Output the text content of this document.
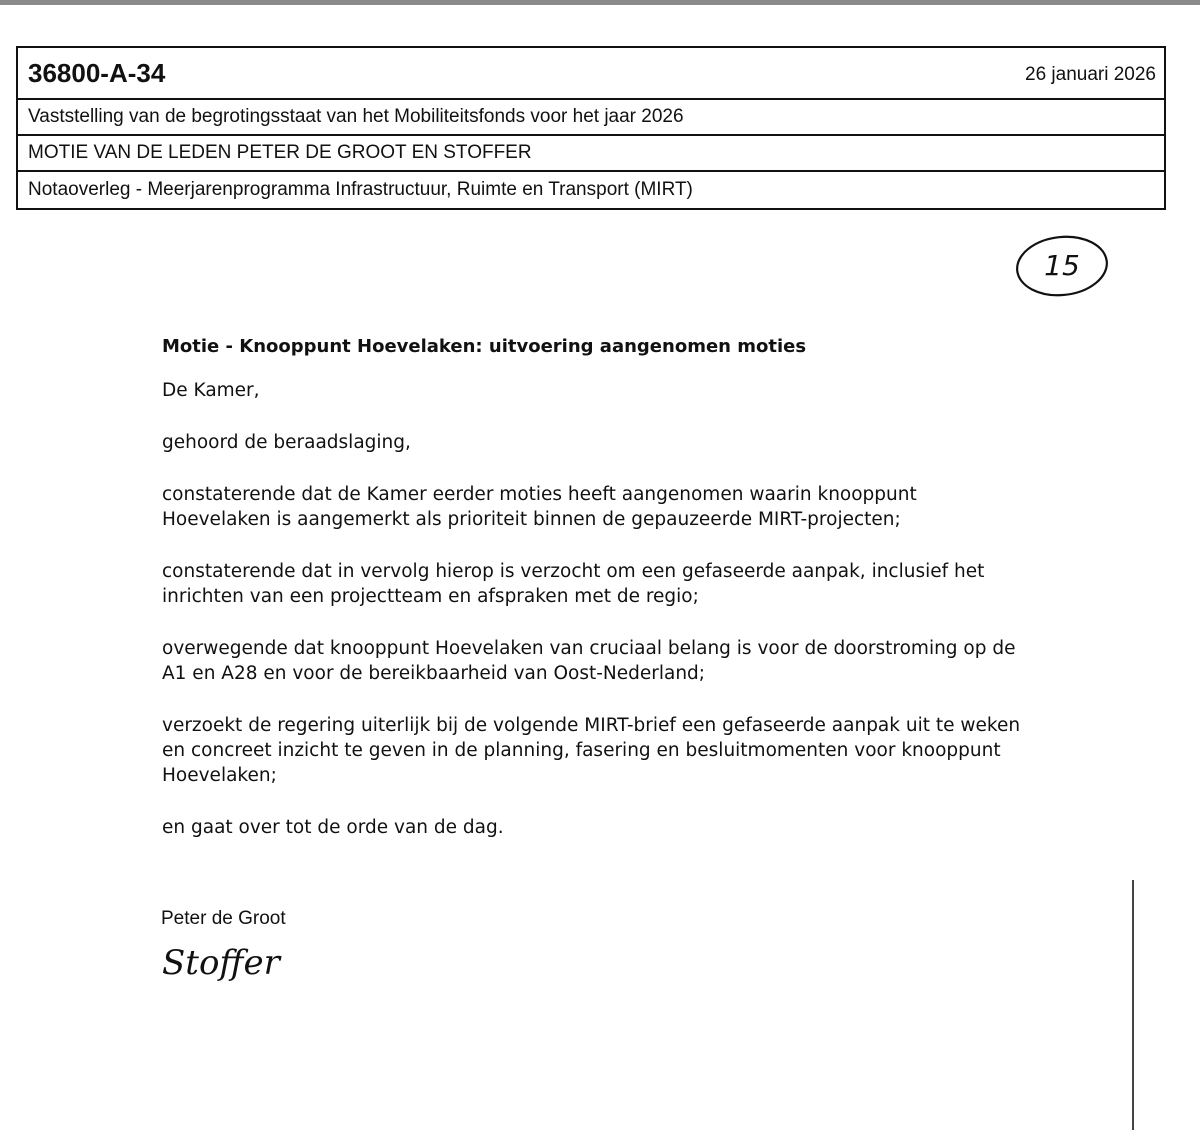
36800-A-34	26 januari 2026
Vaststelling van de begrotingsstaat van het Mobiliteitsfonds voor het jaar 2026
MOTIE VAN DE LEDEN PETER DE GROOT EN STOFFER
Notaoverleg - Meerjarenprogramma Infrastructuur, Ruimte en Transport (MIRT)
15

Motie - Knooppunt Hoevelaken: uitvoering aangenomen moties

De Kamer,

gehoord de beraadslaging,

constaterende dat de Kamer eerder moties heeft aangenomen waarin knooppunt Hoevelaken is aangemerkt als prioriteit binnen de gepauzeerde MIRT-projecten;

constaterende dat in vervolg hierop is verzocht om een gefaseerde aanpak, inclusief het inrichten van een projectteam en afspraken met de regio;

overwegende dat knooppunt Hoevelaken van cruciaal belang is voor de doorstroming op de A1 en A28 en voor de bereikbaarheid van Oost-Nederland;

verzoekt de regering uiterlijk bij de volgende MIRT-brief een gefaseerde aanpak uit te weken en concreet inzicht te geven in de planning, fasering en besluitmomenten voor knooppunt Hoevelaken;

en gaat over tot de orde van de dag.

Peter de Groot
Stoffer
